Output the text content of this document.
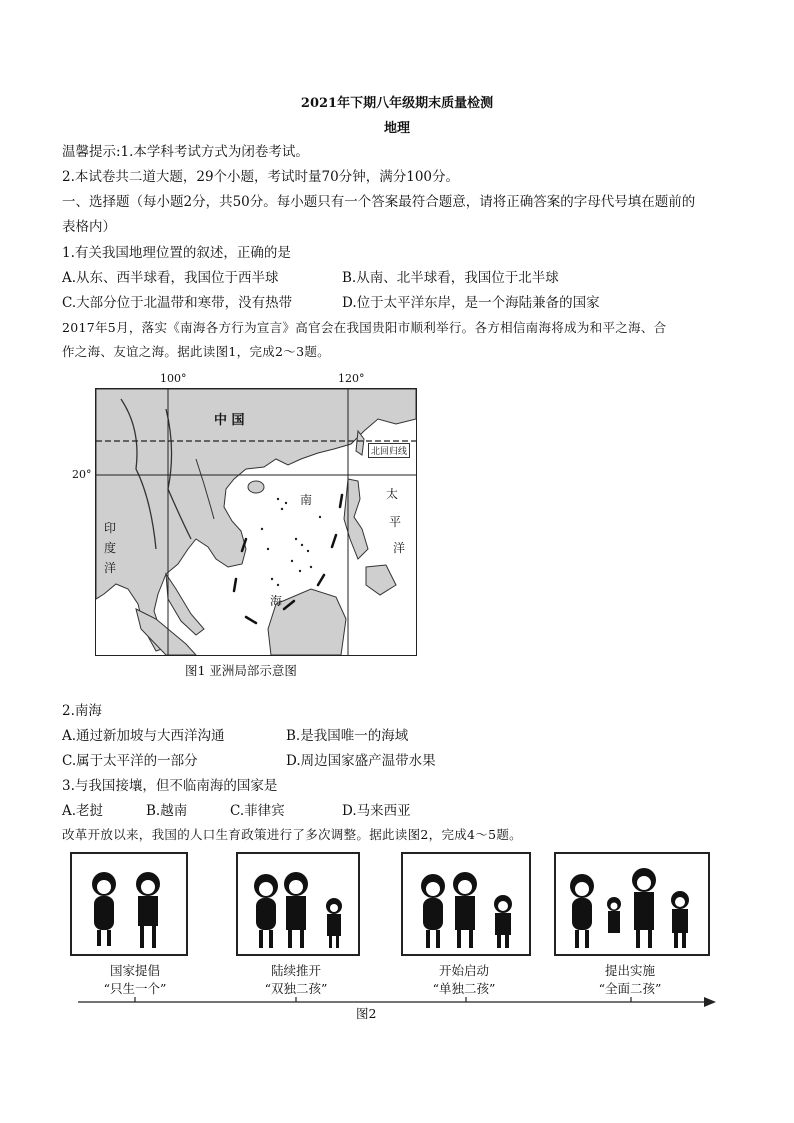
2021年下期八年级期末质量检测
地理
温馨提示:1.本学科考试方式为闭卷考试。
2.本试卷共二道大题，29个小题，考试时量70分钟，满分100分。
一、选择题（每小题2分，共50分。每小题只有一个答案最符合题意，请将正确答案的字母代号填在题前的
表格内）
1.有关我国地理位置的叙述，正确的是
A.从东、西半球看，我国位于西半球	B.从南、北半球看，我国位于北半球
C.大部分位于北温带和寒带，没有热带	D.位于太平洋东岸，是一个海陆兼备的国家
2017年5月，落实《南海各方行为宣言》高官会在我国贵阳市顺利举行。各方相信南海将成为和平之海、合
作之海、友谊之海。据此读图1，完成2～3题。
100°	120°
20°
中 国
北回归线
南
海
太
平
洋
印
度
洋
图1 亚洲局部示意图
2.南海
A.通过新加坡与大西洋沟通	B.是我国唯一的海域
C.属于太平洋的一部分	D.周边国家盛产温带水果
3.与我国接壤，但不临南海的国家是
A.老挝	B.越南	C.菲律宾	D.马来西亚
改革开放以来，我国的人口生育政策进行了多次调整。据此读图2，完成4～5题。
国家提倡
“只生一个”
陆续推开
“双独二孩”
开始启动
“单独二孩”
提出实施
“全面二孩”
图2
